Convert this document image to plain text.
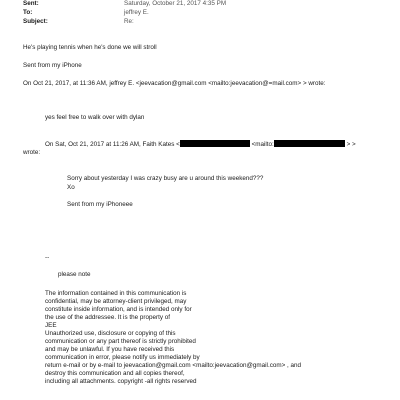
Sent:	Saturday, October 21, 2017 4:35 PM
To:	jeffrey E.
Subject:	Re:
He's playing tennis when he's done we will stroll
Sent from my iPhone
On Oct 21, 2017, at 11:36 AM, jeffrey E. <jeevacation@gmail.com <mailto:jeevacation@=mail.com> > wrote:
yes feel free to walk over with dylan
On Sat, Oct 21, 2017 at 11:26 AM, Faith Kates <	<mailto:	> >
wrote:
Sorry about yesterday I was crazy busy are u around this weekend???
Xo
Sent from my iPhoneee
--
please note
The information contained in this communication is
confidential, may be attorney-client privileged, may
constitute inside information, and is intended only for
the use of the addressee. It is the property of
JEE
Unauthorized use, disclosure or copying of this
communication or any part thereof is strictly prohibited
and may be unlawful. If you have received this
communication in error, please notify us immediately by
return e-mail or by e-mail to jeevacation@gmail.com <mailto:jeevacation@gmail.com> , and
destroy this communication and all copies thereof,
including all attachments. copyright -all rights reserved
